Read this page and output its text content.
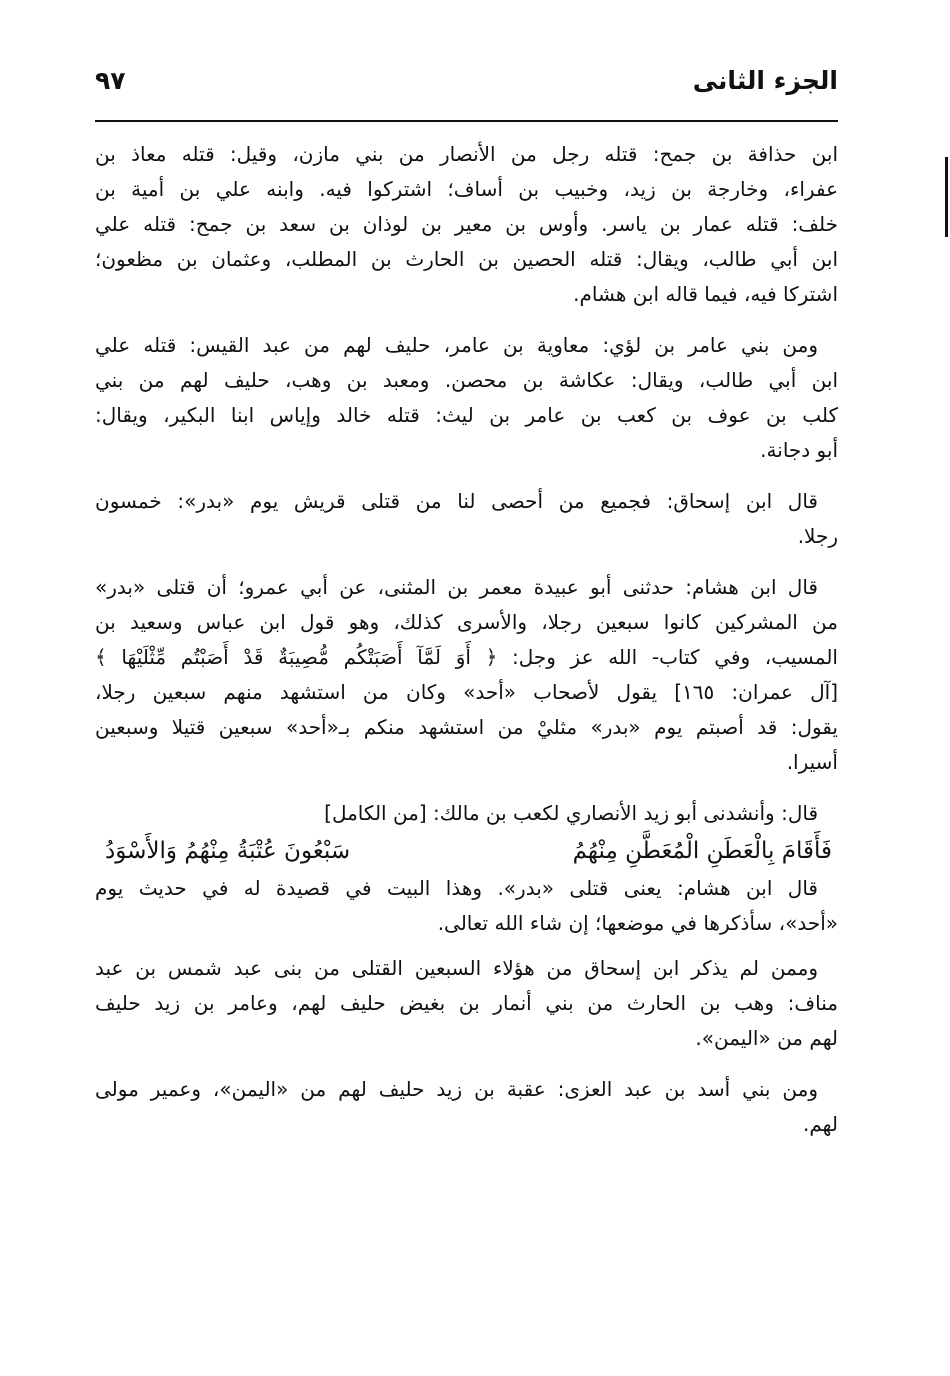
الجزء الثانى
٩٧
ابن حذافة بن جمح: قتله رجل من الأنصار من بني مازن، وقيل: قتله معاذ بن
عفراء، وخارجة بن زيد، وخبيب بن أساف؛ اشتركوا فيه. وابنه علي بن أمية بن
خلف: قتله عمار بن ياسر. وأوس بن معير بن لوذان بن سعد بن جمح: قتله علي
ابن أبي طالب، ويقال: قتله الحصين بن الحارث بن المطلب، وعثمان بن مظعون؛
اشتركا فيه، فيما قاله ابن هشام.
ومن بني عامر بن لؤي: معاوية بن عامر، حليف لهم من عبد القيس: قتله علي
ابن أبي طالب، ويقال: عكاشة بن محصن. ومعبد بن وهب، حليف لهم من بني
كلب بن عوف بن كعب بن عامر بن ليث: قتله خالد وإياس ابنا البكير، ويقال:
أبو دجانة.
قال ابن إسحاق: فجميع من أحصى لنا من قتلى قريش يوم «بدر»: خمسون
رجلا.
قال ابن هشام: حدثنى أبو عبيدة معمر بن المثنى، عن أبي عمرو؛ أن قتلى «بدر»
من المشركين كانوا سبعين رجلا، والأسرى كذلك، وهو قول ابن عباس وسعيد بن
المسيب، وفي كتاب- الله عز وجل: ﴿ أَوَ لَمَّآ أَصَبَتْكُم مُّصِيبَةٌ قَدْ أَصَبْتُم مِّثْلَيْهَا ﴾
[آل عمران: ١٦٥] يقول لأصحاب «أحد» وكان من استشهد منهم سبعين رجلا،
يقول: قد أصبتم يوم «بدر» مثليْ من استشهد منكم بـ«أحد» سبعين قتيلا وسبعين
أسيرا.
قال: وأنشدنى أبو زيد الأنصاري لكعب بن مالك: [من الكامل]
فَأَقَامَ بِالْعَطَنِ الْمُعَطَّنِ مِنْهُمُ
سَبْعُونَ عُتْبَةُ مِنْهُمُ وَالأَسْوَدُ
قال ابن هشام: يعنى قتلى «بدر». وهذا البيت في قصيدة له في حديث يوم
«أحد»، سأذكرها في موضعها؛ إن شاء الله تعالى.
وممن لم يذكر ابن إسحاق من هؤلاء السبعين القتلى من بنى عبد شمس بن عبد
مناف: وهب بن الحارث من بني أنمار بن بغيض حليف لهم، وعامر بن زيد حليف
لهم من «اليمن».
ومن بني أسد بن عبد العزى: عقبة بن زيد حليف لهم من «اليمن»، وعمير مولى
لهم.
